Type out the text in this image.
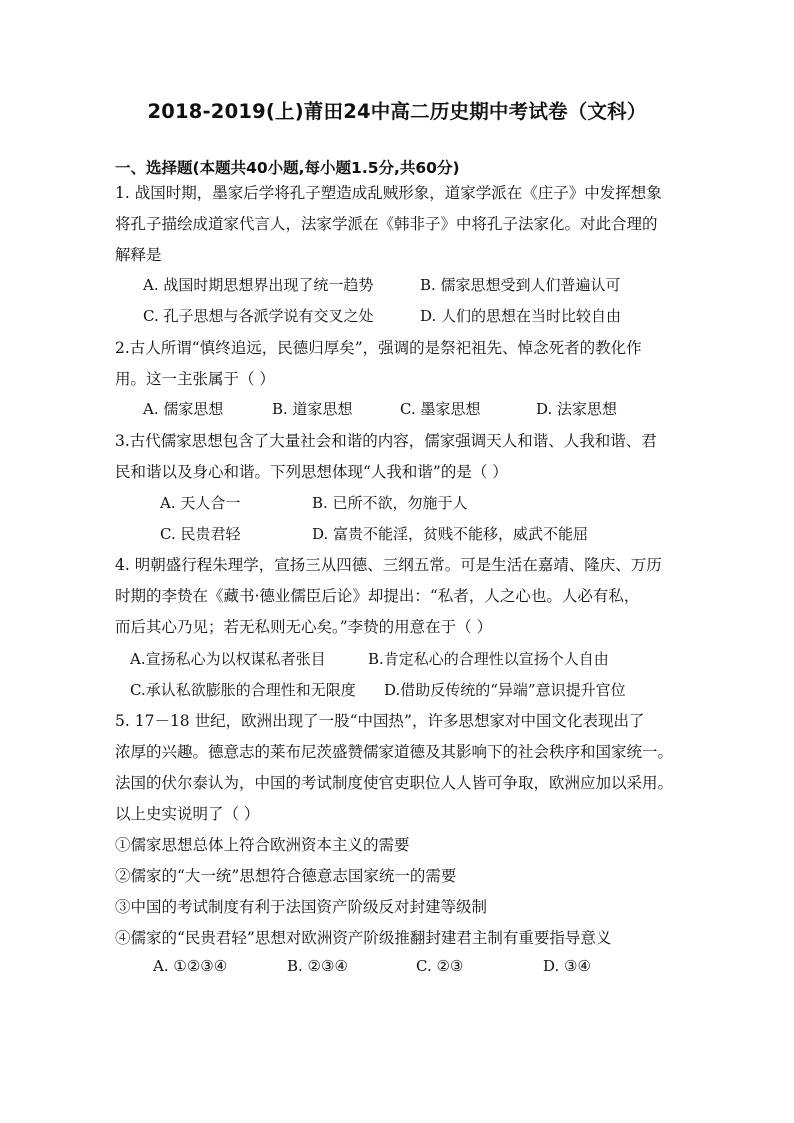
2018-2019(上)莆田24中高二历史期中考试卷（文科）
一、选择题(本题共40小题,每小题1.5分,共60分)
1. 战国时期，墨家后学将孔子塑造成乱贼形象，道家学派在《庄子》中发挥想象
将孔子描绘成道家代言人，法家学派在《韩非子》中将孔子法家化。对此合理的
解释是
A. 战国时期思想界出现了统一趋势	B. 儒家思想受到人们普遍认可
C. 孔子思想与各派学说有交叉之处	D. 人们的思想在当时比较自由
2.古人所谓“慎终追远，民德归厚矣”，强调的是祭祀祖先、悼念死者的教化作
用。这一主张属于（ ）
A. 儒家思想	B. 道家思想	C. 墨家思想	D. 法家思想
3.古代儒家思想包含了大量社会和谐的内容，儒家强调天人和谐、人我和谐、君
民和谐以及身心和谐。下列思想体现“人我和谐”的是（ ）
A. 天人合一	B. 已所不欲，勿施于人
C. 民贵君轻	D. 富贵不能淫，贫贱不能移，威武不能屈
4. 明朝盛行程朱理学，宣扬三从四德、三纲五常。可是生活在嘉靖、隆庆、万历
时期的李贽在《藏书·德业儒臣后论》却提出：“私者，人之心也。人必有私，
而后其心乃见；若无私则无心矣。”李贽的用意在于（ ）
A.宣扬私心为以权谋私者张目	B.肯定私心的合理性以宣扬个人自由
C.承认私欲膨胀的合理性和无限度 D.借助反传统的“异端”意识提升官位
5. 17－18 世纪，欧洲出现了一股“中国热”，许多思想家对中国文化表现出了
浓厚的兴趣。德意志的莱布尼茨盛赞儒家道德及其影响下的社会秩序和国家统一。
法国的伏尔泰认为，中国的考试制度使官吏职位人人皆可争取，欧洲应加以采用。
以上史实说明了（ ）
①儒家思想总体上符合欧洲资本主义的需要
②儒家的“大一统”思想符合德意志国家统一的需要
③中国的考试制度有利于法国资产阶级反对封建等级制
④儒家的“民贵君轻”思想对欧洲资产阶级推翻封建君主制有重要指导意义
A. ①②③④	B. ②③④	C. ②③	D. ③④
